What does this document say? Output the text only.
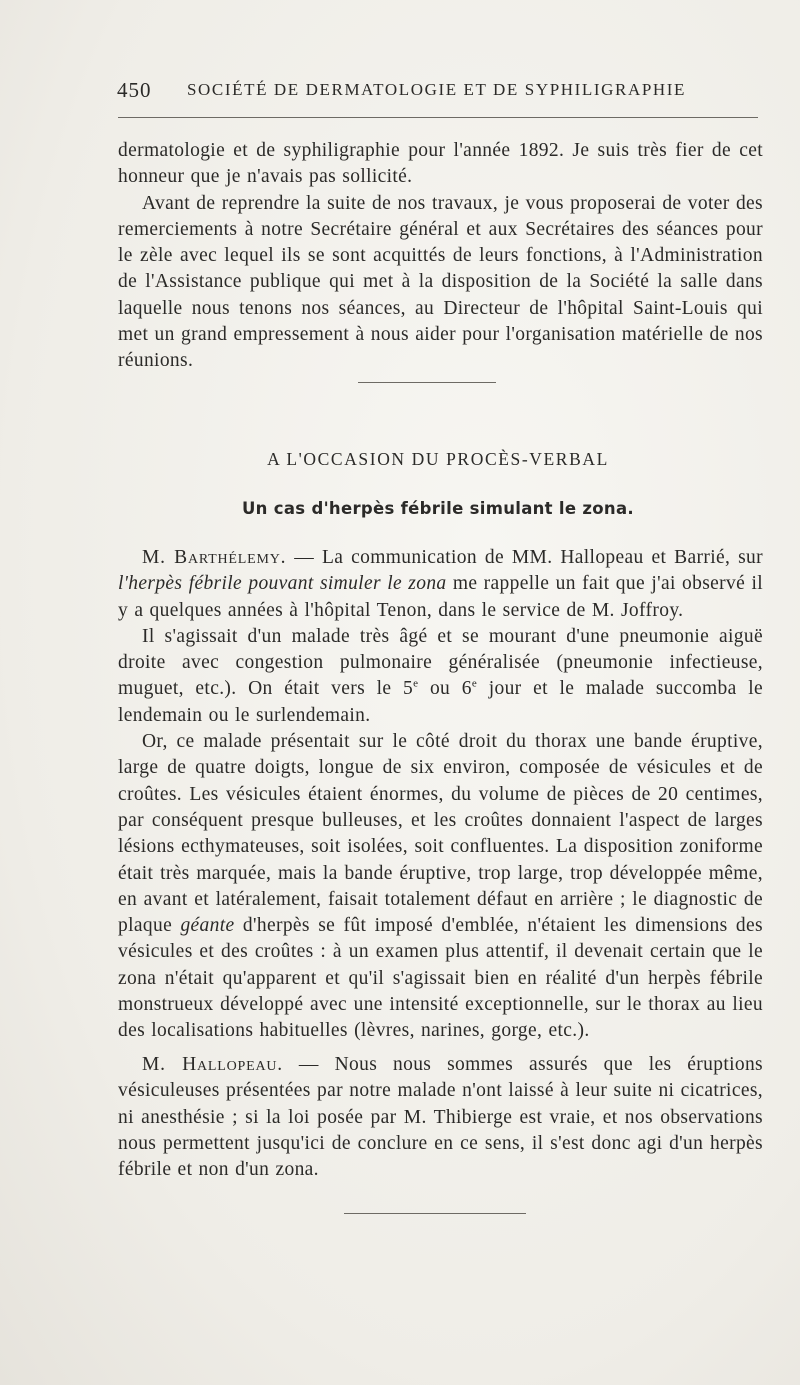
450 SOCIÉTÉ DE DERMATOLOGIE ET DE SYPHILIGRAPHIE

dermatologie et de syphiligraphie pour l'année 1892. Je suis très fier de cet honneur que je n'avais pas sollicité.

Avant de reprendre la suite de nos travaux, je vous proposerai de voter des remerciements à notre Secrétaire général et aux Secrétaires des séances pour le zèle avec lequel ils se sont acquittés de leurs fonctions, à l'Administration de l'Assistance publique qui met à la disposition de la Société la salle dans laquelle nous tenons nos séances, au Directeur de l'hôpital Saint-Louis qui met un grand empressement à nous aider pour l'organisation matérielle de nos réunions.

A L'OCCASION DU PROCÈS-VERBAL
Un cas d'herpès fébrile simulant le zona.

M. Barthélemy. — La communication de MM. Hallopeau et Barrié, sur l'herpès fébrile pouvant simuler le zona me rappelle un fait que j'ai observé il y a quelques années à l'hôpital Tenon, dans le service de M. Joffroy.

Il s'agissait d'un malade très âgé et se mourant d'une pneumonie aiguë droite avec congestion pulmonaire généralisée (pneumonie infectieuse, muguet, etc.). On était vers le 5e ou 6e jour et le malade succomba le lendemain ou le surlendemain.

Or, ce malade présentait sur le côté droit du thorax une bande éruptive, large de quatre doigts, longue de six environ, composée de vésicules et de croûtes. Les vésicules étaient énormes, du volume de pièces de 20 centimes, par conséquent presque bulleuses, et les croûtes donnaient l'aspect de larges lésions ecthymateuses, soit isolées, soit confluentes. La disposition zoniforme était très marquée, mais la bande éruptive, trop large, trop développée même, en avant et latéralement, faisait totalement défaut en arrière ; le diagnostic de plaque géante d'herpès se fût imposé d'emblée, n'étaient les dimensions des vésicules et des croûtes : à un examen plus attentif, il devenait certain que le zona n'était qu'apparent et qu'il s'agissait bien en réalité d'un herpès fébrile monstrueux développé avec une intensité exceptionnelle, sur le thorax au lieu des localisations habituelles (lèvres, narines, gorge, etc.).

M. Hallopeau. — Nous nous sommes assurés que les éruptions vésiculeuses présentées par notre malade n'ont laissé à leur suite ni cicatrices, ni anesthésie ; si la loi posée par M. Thibierge est vraie, et nos observations nous permettent jusqu'ici de conclure en ce sens, il s'est donc agi d'un herpès fébrile et non d'un zona.
